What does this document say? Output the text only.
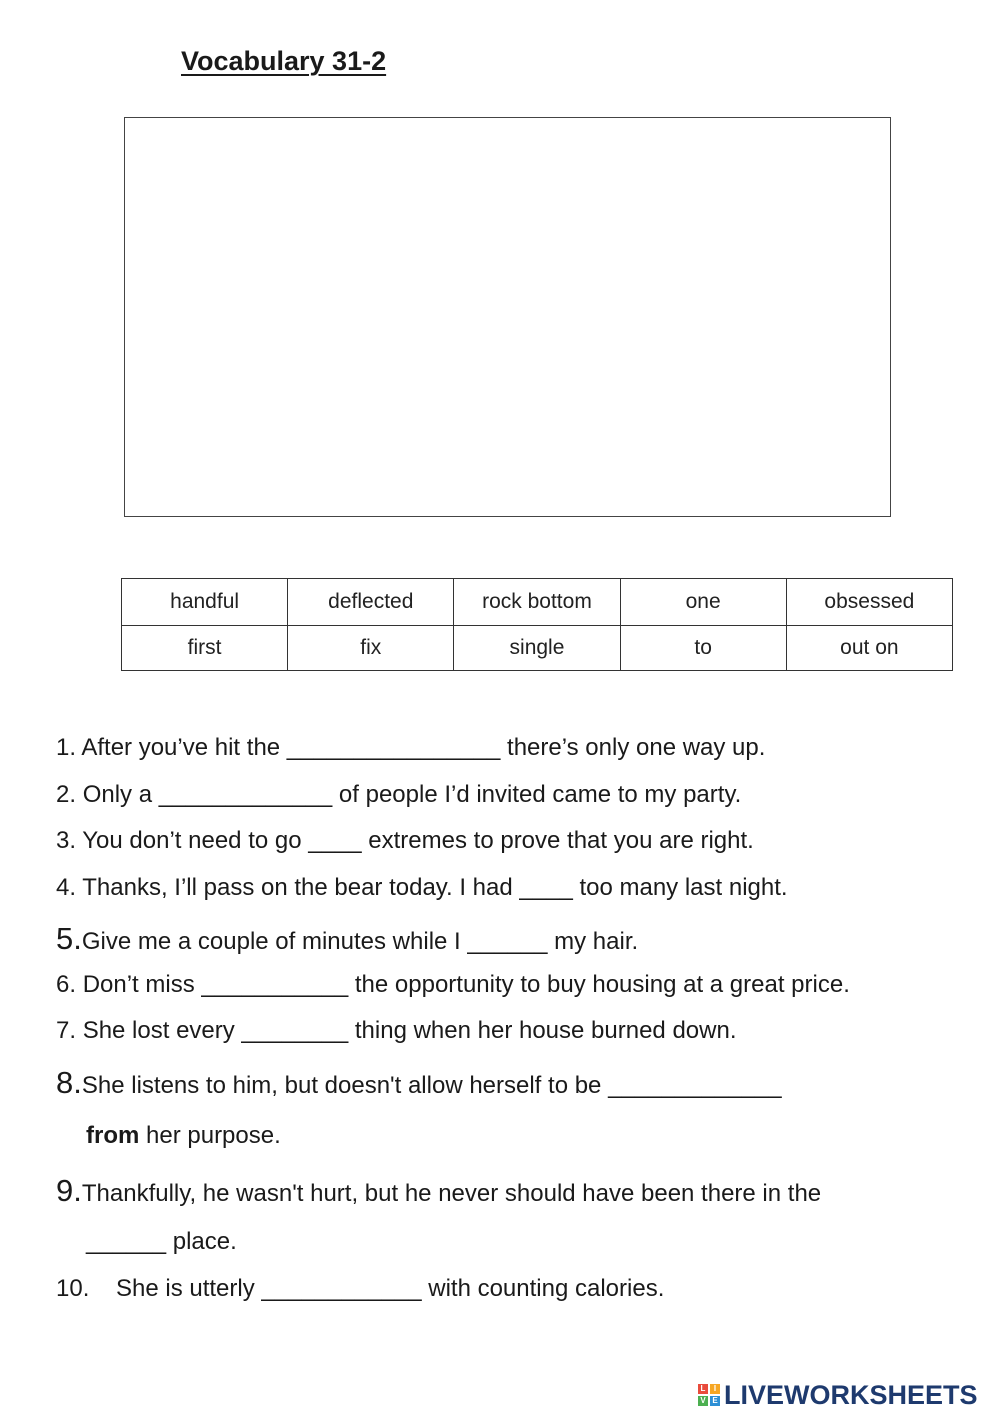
Vocabulary 31-2
handful	deflected	rock bottom	one	obsessed
first	fix	single	to	out on

1. After you’ve hit the ________________ there’s only one way up.

2. Only a _____________ of people I’d invited came to my party.

3. You don’t need to go ____ extremes to prove that you are right.

4. Thanks, I’ll pass on the bear today. I had ____ too many last night.

5.Give me a couple of minutes while I ______ my hair.

6. Don’t miss ___________ the opportunity to buy housing at a great price.

7. She lost every ________ thing when her house burned down.

8.She listens to him, but doesn't allow herself to be _____________

from her purpose.

9.Thankfully, he wasn't hurt, but he never should have been there in the

______ place.

10. She is utterly ____________ with counting calories.

L	I
V E LIVEWORKSHEETS
